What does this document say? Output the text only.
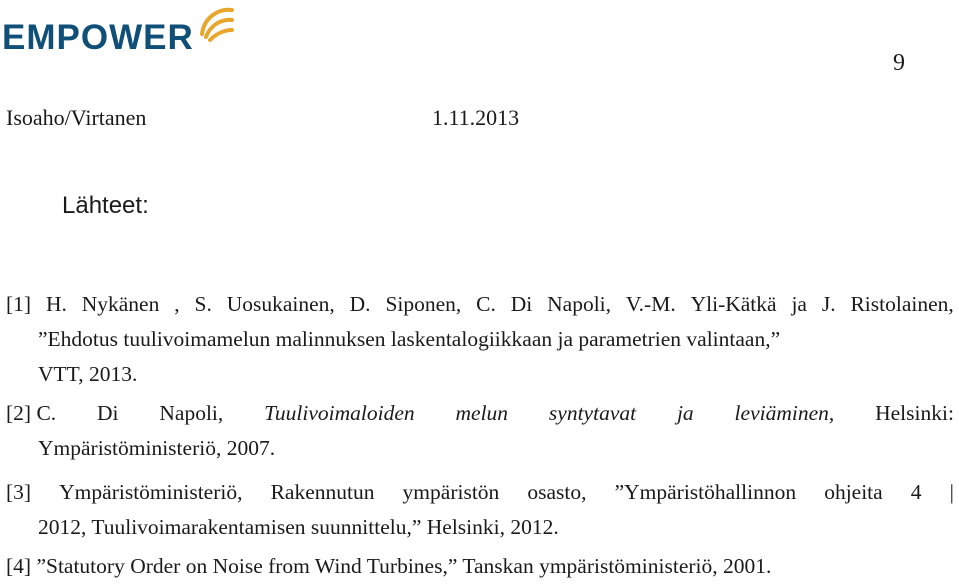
EMPOWER
9
Isoaho/Virtanen	1.11.2013
Lähteet:
[1] H. Nykänen , S. Uosukainen, D. Siponen, C. Di Napoli, V.-M. Yli-Kätkä ja J. Ristolainen,
”Ehdotus tuulivoimamelun malinnuksen laskentalogiikkaan ja parametrien valintaan,”
VTT, 2013.
[2] C. Di Napoli, Tuulivoimaloiden melun syntytavat ja leviäminen, Helsinki:
Ympäristöministeriö, 2007.
[3] Ympäristöministeriö, Rakennutun ympäristön osasto, ”Ympäristöhallinnon ohjeita 4 |
2012, Tuulivoimarakentamisen suunnittelu,” Helsinki, 2012.
[4] ”Statutory Order on Noise from Wind Turbines,” Tanskan ympäristöministeriö, 2001.
